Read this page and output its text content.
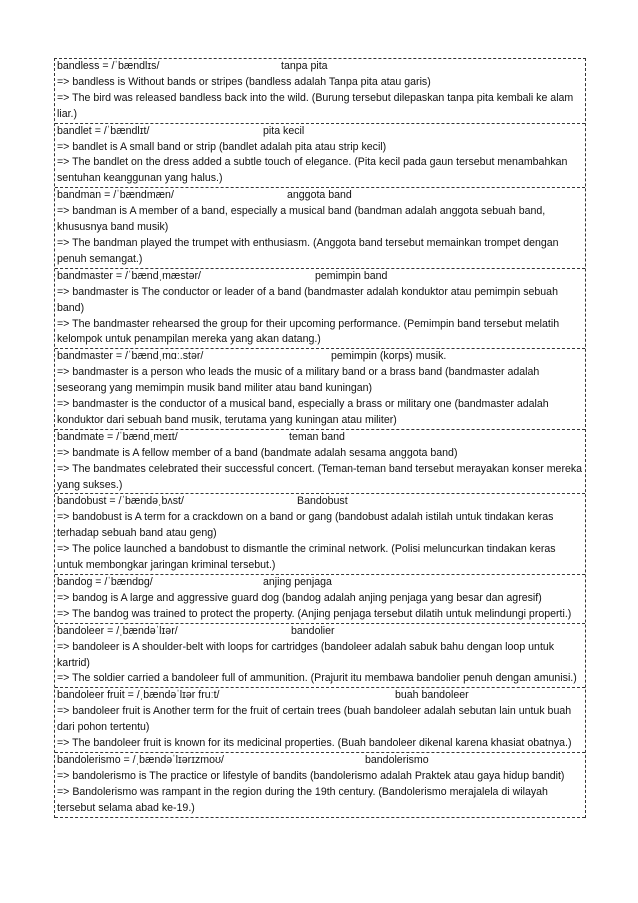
bandless = /ˈbændlɪs/	tanpa pita
=> bandless is Without bands or stripes (bandless adalah Tanpa pita atau garis)
=> The bird was released bandless back into the wild. (Burung tersebut dilepaskan tanpa pita kembali ke alam liar.)
bandlet = /ˈbændlɪt/	pita kecil
=> bandlet is A small band or strip (bandlet adalah pita atau strip kecil)
=> The bandlet on the dress added a subtle touch of elegance. (Pita kecil pada gaun tersebut menambahkan sentuhan keanggunan yang halus.)
bandman = /ˈbændmæn/	anggota band
=> bandman is A member of a band, especially a musical band (bandman adalah anggota sebuah band, khususnya band musik)
=> The bandman played the trumpet with enthusiasm. (Anggota band tersebut memainkan trompet dengan penuh semangat.)
bandmaster = /ˈbændˌmæstər/	pemimpin band
=> bandmaster is The conductor or leader of a band (bandmaster adalah konduktor atau pemimpin sebuah band)
=> The bandmaster rehearsed the group for their upcoming performance. (Pemimpin band tersebut melatih kelompok untuk penampilan mereka yang akan datang.)
bandmaster = /ˈbændˌmɑː.stər/	pemimpin (korps) musik.
=> bandmaster is a person who leads the music of a military band or a brass band (bandmaster adalah seseorang yang memimpin musik band militer atau band kuningan)
=> bandmaster is the conductor of a musical band, especially a brass or military one (bandmaster adalah konduktor dari sebuah band musik, terutama yang kuningan atau militer)
bandmate = /ˈbændˌmeɪt/	teman band
=> bandmate is A fellow member of a band (bandmate adalah sesama anggota band)
=> The bandmates celebrated their successful concert. (Teman-teman band tersebut merayakan konser mereka yang sukses.)
bandobust = /ˈbændəˌbʌst/	Bandobust
=> bandobust is A term for a crackdown on a band or gang (bandobust adalah istilah untuk tindakan keras terhadap sebuah band atau geng)
=> The police launched a bandobust to dismantle the criminal network. (Polisi meluncurkan tindakan keras untuk membongkar jaringan kriminal tersebut.)
bandog = /ˈbændɒɡ/	anjing penjaga
=> bandog is A large and aggressive guard dog (bandog adalah anjing penjaga yang besar dan agresif)
=> The bandog was trained to protect the property. (Anjing penjaga tersebut dilatih untuk melindungi properti.)
bandoleer = /ˌbændəˈlɪər/	bandolier
=> bandoleer is A shoulder-belt with loops for cartridges (bandoleer adalah sabuk bahu dengan loop untuk kartrid)
=> The soldier carried a bandoleer full of ammunition. (Prajurit itu membawa bandolier penuh dengan amunisi.)
bandoleer fruit = /ˌbændəˈlɪər fruːt/	buah bandoleer
=> bandoleer fruit is Another term for the fruit of certain trees (buah bandoleer adalah sebutan lain untuk buah dari pohon tertentu)
=> The bandoleer fruit is known for its medicinal properties. (Buah bandoleer dikenal karena khasiat obatnya.)
bandolerismo = /ˌbændəˈlɪərɪzmoʊ/	bandolerismo
=> bandolerismo is The practice or lifestyle of bandits (bandolerismo adalah Praktek atau gaya hidup bandit)
=> Bandolerismo was rampant in the region during the 19th century. (Bandolerismo merajalela di wilayah tersebut selama abad ke-19.)
